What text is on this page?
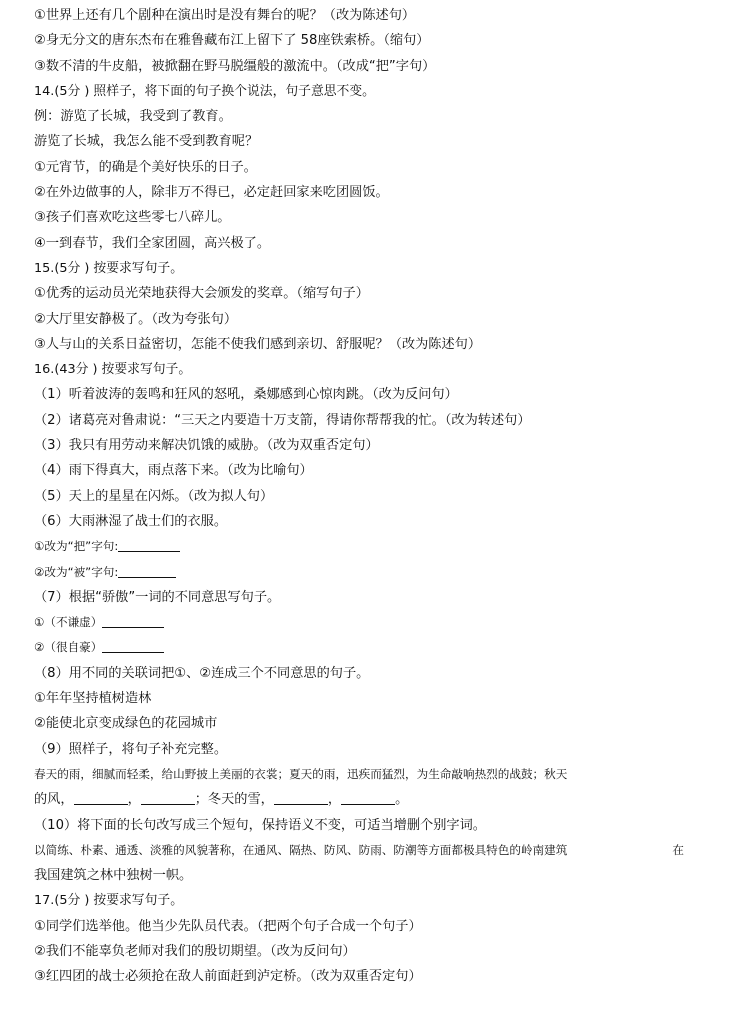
①世界上还有几个剧种在演出时是没有舞台的呢？（改为陈述句）
②身无分文的唐东杰布在雅鲁藏布江上留下了 58座铁索桥。（缩句）
③数不清的牛皮船，被掀翻在野马脱缰般的激流中。（改成“把”字句）
14.(5分 ) 照样子，将下面的句子换个说法，句子意思不变。
例：游览了长城，我受到了教育。
游览了长城，我怎么能不受到教育呢？
①元宵节，的确是个美好快乐的日子。
②在外边做事的人，除非万不得已，必定赶回家来吃团圆饭。
③孩子们喜欢吃这些零七八碎儿。
④一到春节，我们全家团圆，高兴极了。
15.(5分 ) 按要求写句子。
①优秀的运动员光荣地获得大会颁发的奖章。（缩写句子）
②大厅里安静极了。（改为夸张句）
③人与山的关系日益密切，怎能不使我们感到亲切、舒服呢？（改为陈述句）
16.(43分 ) 按要求写句子。
（1）听着波涛的轰鸣和狂风的怒吼，桑娜感到心惊肉跳。（改为反问句）
（2）诸葛亮对鲁肃说：“三天之内要造十万支箭，得请你帮帮我的忙。（改为转述句）
（3）我只有用劳动来解决饥饿的威胁。（改为双重否定句）
（4）雨下得真大，雨点落下来。（改为比喻句）
（5）天上的星星在闪烁。（改为拟人句）
（6）大雨淋湿了战士们的衣服。
①改为“把”字句:
②改为“被”字句:
（7）根据“骄傲”一词的不同意思写句子。
①（不谦虚）
②（很自豪）
（8）用不同的关联词把①、②连成三个不同意思的句子。
①年年坚持植树造林
②能使北京变成绿色的花园城市
（9）照样子，将句子补充完整。
春天的雨，细腻而轻柔，给山野披上美丽的衣裳；夏天的雨，迅疾而猛烈，为生命敲响热烈的战鼓；秋天
的风，	，	；冬天的雪，	，	。
（10）将下面的长句改写成三个短句，保持语义不变，可适当增删个别字词。
以简练、朴素、通透、淡雅的风貌著称，在通风、隔热、防风、防雨、防潮等方面都极具特色的岭南建筑	在
我国建筑之林中独树一帜。
17.(5分 ) 按要求写句子。
①同学们选举他。他当少先队员代表。（把两个句子合成一个句子）
②我们不能辜负老师对我们的殷切期望。（改为反问句）
③红四团的战士必须抢在敌人前面赶到泸定桥。（改为双重否定句）
